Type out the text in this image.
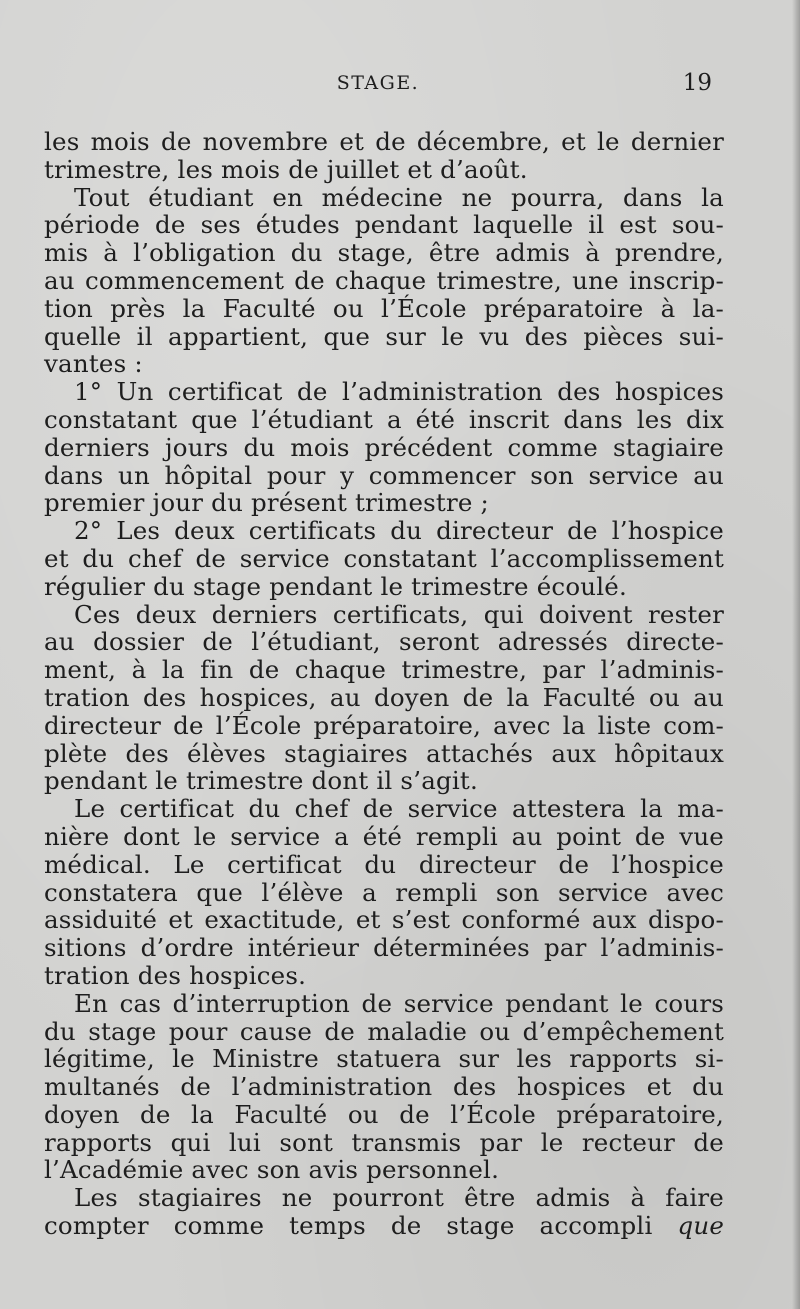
STAGE.	19
les mois de novembre et de décembre, et le dernier
trimestre, les mois de juillet et d’août.
Tout étudiant en médecine ne pourra, dans la
période de ses études pendant laquelle il est sou-
mis à l’obligation du stage, être admis à prendre,
au commencement de chaque trimestre, une inscrip-
tion près la Faculté ou l’École préparatoire à la-
quelle il appartient, que sur le vu des pièces sui-
vantes :
1° Un certificat de l’administration des hospices
constatant que l’étudiant a été inscrit dans les dix
derniers jours du mois précédent comme stagiaire
dans un hôpital pour y commencer son service au
premier jour du présent trimestre ;
2° Les deux certificats du directeur de l’hospice
et du chef de service constatant l’accomplissement
régulier du stage pendant le trimestre écoulé.
Ces deux derniers certificats, qui doivent rester
au dossier de l’étudiant, seront adressés directe-
ment, à la fin de chaque trimestre, par l’adminis-
tration des hospices, au doyen de la Faculté ou au
directeur de l’École préparatoire, avec la liste com-
plète des élèves stagiaires attachés aux hôpitaux
pendant le trimestre dont il s’agit.
Le certificat du chef de service attestera la ma-
nière dont le service a été rempli au point de vue
médical. Le certificat du directeur de l’hospice
constatera que l’élève a rempli son service avec
assiduité et exactitude, et s’est conformé aux dispo-
sitions d’ordre intérieur déterminées par l’adminis-
tration des hospices.
En cas d’interruption de service pendant le cours
du stage pour cause de maladie ou d’empêchement
légitime, le Ministre statuera sur les rapports si-
multanés de l’administration des hospices et du
doyen de la Faculté ou de l’École préparatoire,
rapports qui lui sont transmis par le recteur de
l’Académie avec son avis personnel.
Les stagiaires ne pourront être admis à faire
compter comme temps de stage accompli que
